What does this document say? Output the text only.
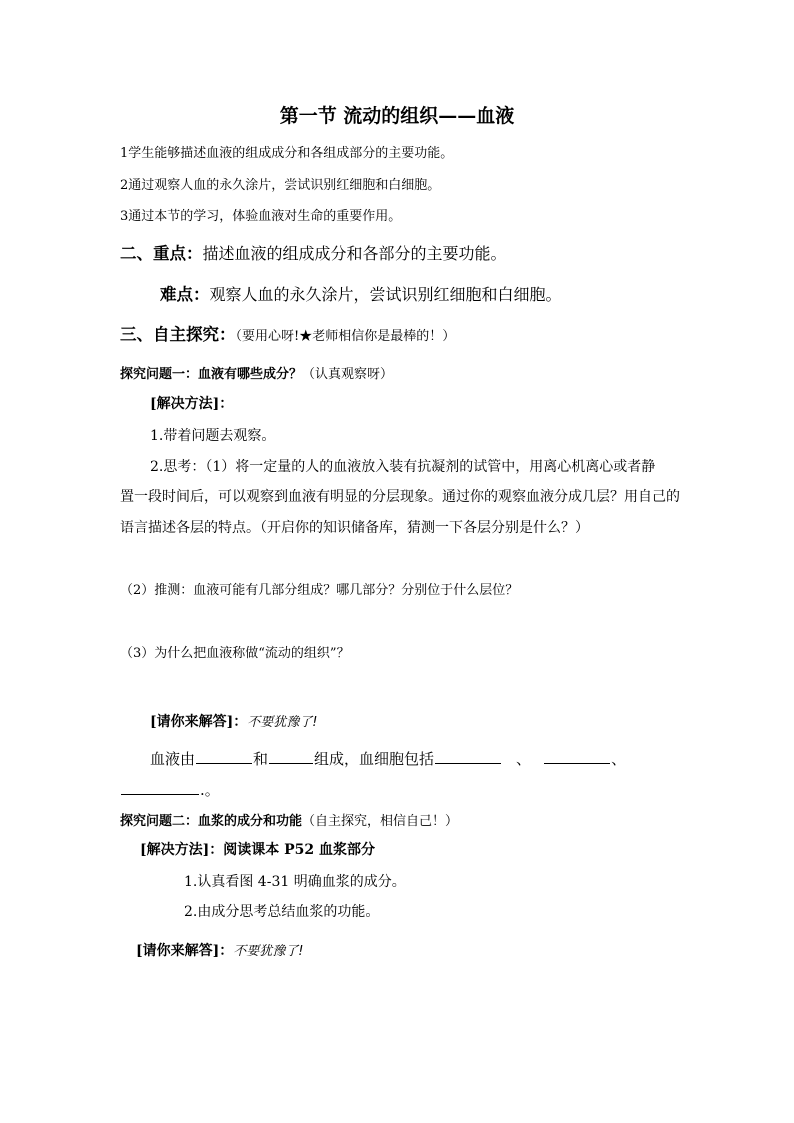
第一节 流动的组织——血液
1学生能够描述血液的组成成分和各组成部分的主要功能。
2通过观察人血的永久涂片，尝试识别红细胞和白细胞。
3通过本节的学习，体验血液对生命的重要作用。
二、重点：描述血液的组成成分和各部分的主要功能。
难点：观察人血的永久涂片，尝试识别红细胞和白细胞。
三、自主探究：（要用心呀!★老师相信你是最棒的！）
探究问题一：血液有哪些成分？（认真观察呀）
[解决方法]：
1.带着问题去观察。
2.思考：（1）将一定量的人的血液放入装有抗凝剂的试管中，用离心机离心或者静
置一段时间后，可以观察到血液有明显的分层现象。通过你的观察血液分成几层？用自己的
语言描述各层的特点。（开启你的知识储备库，猜测一下各层分别是什么？）
（2）推测：血液可能有几部分组成？哪几部分？分别位于什么层位？
（3）为什么把血液称做“流动的组织”？
[请你来解答]：不要犹豫了!
血液由	和	组成，血细胞包括	、	、
.。
探究问题二：血浆的成分和功能（自主探究，相信自己！）
[解决方法]：阅读课本 P52 血浆部分
1.认真看图 4-31 明确血浆的成分。
2.由成分思考总结血浆的功能。
[请你来解答]：不要犹豫了!
